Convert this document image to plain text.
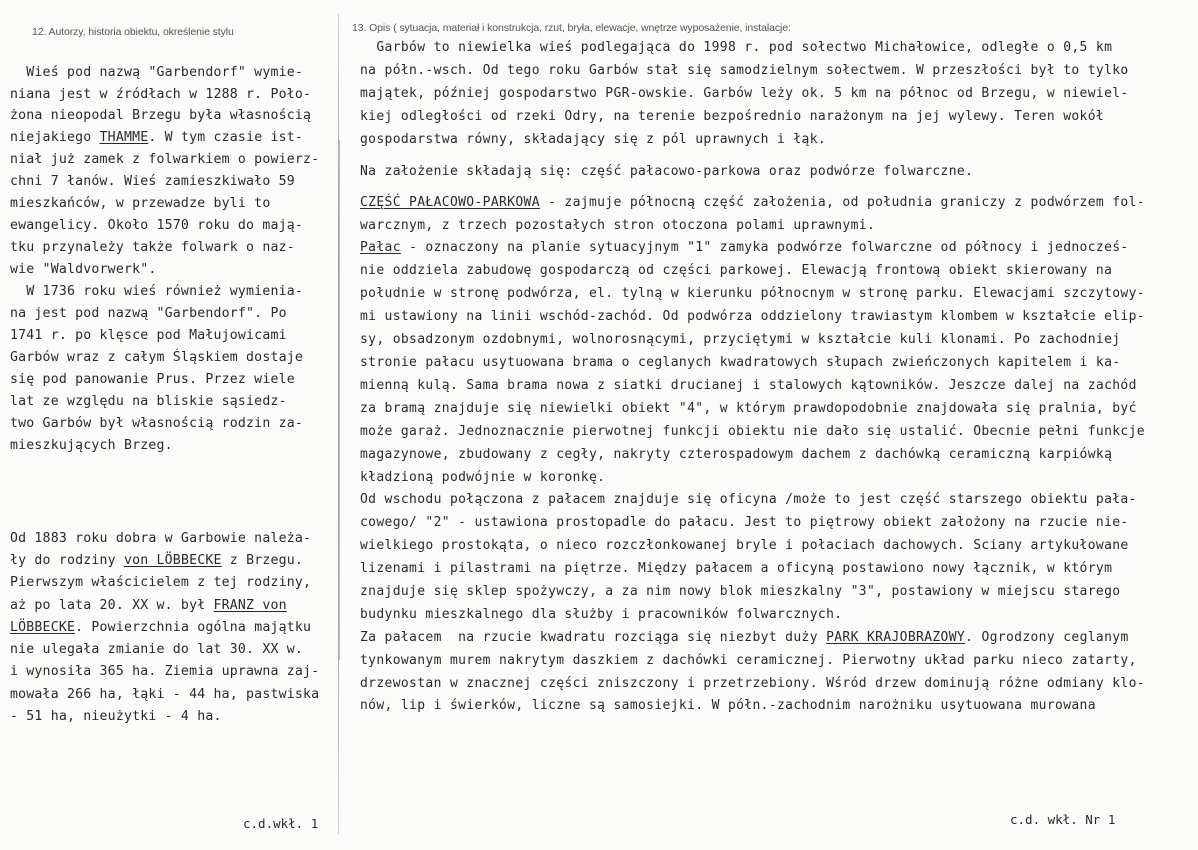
12. Autorzy, historia obiektu, określenie stylu	13. Opis ( sytuacja, materiał i konstrukcja, rzut, bryła, elewacje, wnętrze wyposażenie, instalacje:
Wieś pod nazwą "Garbendorf" wymie-
niana jest w źródłach w 1288 r. Poło-
żona nieopodal Brzegu była własnością
niejakiego THAMME. W tym czasie ist-
niał już zamek z folwarkiem o powierz-
chni 7 łanów. Wieś zamieszkiwało 59
mieszkańców, w przewadze byli to
ewangelicy. Około 1570 roku do mają-
tku przynależy także folwark o naz-
wie "Waldvorwerk".
W 1736 roku wieś również wymienia-
na jest pod nazwą "Garbendorf". Po
1741 r. po klęsce pod Małujowicami
Garbów wraz z całym Śląskiem dostaje
się pod panowanie Prus. Przez wiele
lat ze względu na bliskie sąsiedz-
two Garbów był własnością rodzin za-
mieszkujących Brzeg.
Od 1883 roku dobra w Garbowie należa-
ły do rodziny von LÖBBECKE z Brzegu.
Pierwszym właścicielem z tej rodziny,
aż po lata 20. XX w. był FRANZ von
LÖBBECKE. Powierzchnia ogólna majątku
nie ulegała zmianie do lat 30. XX w.
i wynosiła 365 ha. Ziemia uprawna zaj-
mowała 266 ha, łąki - 44 ha, pastwiska
- 51 ha, nieużytki - 4 ha.
Garbów to niewielka wieś podlegająca do 1998 r. pod sołectwo Michałowice, odległe o 0,5 km
na półn.-wsch. Od tego roku Garbów stał się samodzielnym sołectwem. W przeszłości był to tylko
majątek, później gospodarstwo PGR-owskie. Garbów leży ok. 5 km na północ od Brzegu, w niewiel-
kiej odległości od rzeki Odry, na terenie bezpośrednio narażonym na jej wylewy. Teren wokół
gospodarstwa równy, składający się z pól uprawnych i łąk.
Na założenie składają się: część pałacowo-parkowa oraz podwórze folwarczne.
CZĘŚĆ PAŁACOWO-PARKOWA - zajmuje północną część założenia, od południa graniczy z podwórzem fol-
warcznym, z trzech pozostałych stron otoczona polami uprawnymi.
Pałac - oznaczony na planie sytuacyjnym "1" zamyka podwórze folwarczne od północy i jednocześ-
nie oddziela zabudowę gospodarczą od części parkowej. Elewacją frontową obiekt skierowany na
południe w stronę podwórza, el. tylną w kierunku północnym w stronę parku. Elewacjami szczytowy-
mi ustawiony na linii wschód-zachód. Od podwórza oddzielony trawiastym klombem w kształcie elip-
sy, obsadzonym ozdobnymi, wolnorosnącymi, przyciętymi w kształcie kuli klonami. Po zachodniej
stronie pałacu usytuowana brama o ceglanych kwadratowych słupach zwieńczonych kapitelem i ka-
mienną kulą. Sama brama nowa z siatki drucianej i stalowych kątowników. Jeszcze dalej na zachód
za bramą znajduje się niewielki obiekt "4", w którym prawdopodobnie znajdowała się pralnia, być
może garaż. Jednoznacznie pierwotnej funkcji obiektu nie dało się ustalić. Obecnie pełni funkcje
magazynowe, zbudowany z cegły, nakryty czterospadowym dachem z dachówką ceramiczną karpiówką
kładzioną podwójnie w koronkę.
Od wschodu połączona z pałacem znajduje się oficyna /może to jest część starszego obiektu pała-
cowego/ "2" - ustawiona prostopadle do pałacu. Jest to piętrowy obiekt założony na rzucie nie-
wielkiego prostokąta, o nieco rozczłonkowanej bryle i połaciach dachowych. Sciany artykułowane
lizenami i pilastrami na piętrze. Między pałacem a oficyną postawiono nowy łącznik, w którym
znajduje się sklep spożywczy, a za nim nowy blok mieszkalny "3", postawiony w miejscu starego
budynku mieszkalnego dla służby i pracowników folwarcznych.
Za pałacem  na rzucie kwadratu rozciąga się niezbyt duży PARK KRAJOBRAZOWY. Ogrodzony ceglanym
tynkowanym murem nakrytym daszkiem z dachówki ceramicznej. Pierwotny układ parku nieco zatarty,
drzewostan w znacznej części zniszczony i przetrzebiony. Wśród drzew dominują różne odmiany klo-
nów, lip i świerków, liczne są samosiejki. W półn.-zachodnim narożniku usytuowana murowana
c.d.wkł. 1	c.d. wkł. Nr 1
